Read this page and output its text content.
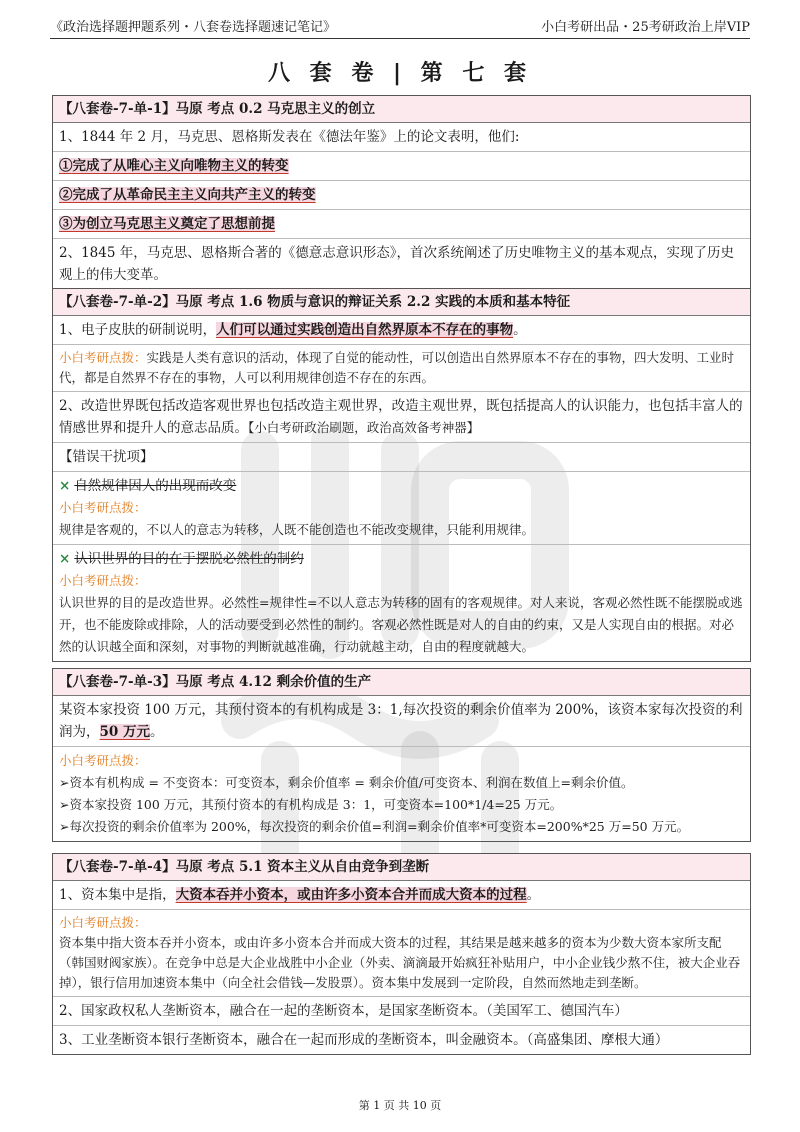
《政治选择题押题系列・八套卷选择题速记笔记》	小白考研出品・25考研政治上岸VIP
八 套 卷 | 第 七 套
【八套卷-7-单-1】马原 考点 0.2 马克思主义的创立
1、1844 年 2 月，马克思、恩格斯发表在《德法年鉴》上的论文表明，他们:
①完成了从唯心主义向唯物主义的转变
②完成了从革命民主主义向共产主义的转变
③为创立马克思主义奠定了思想前提
2、1845 年，马克思、恩格斯合著的《德意志意识形态》，首次系统阐述了历史唯物主义的基本观点，实现了历史观上的伟大变革。
【八套卷-7-单-2】马原 考点 1.6 物质与意识的辩证关系 2.2 实践的本质和基本特征
1、电子皮肤的研制说明，人们可以通过实践创造出自然界原本不存在的事物。
小白考研点拨：实践是人类有意识的活动，体现了自觉的能动性，可以创造出自然界原本不存在的事物，四大发明、工业时代，都是自然界不存在的事物，人可以利用规律创造不存在的东西。
2、改造世界既包括改造客观世界也包括改造主观世界，改造主观世界，既包括提高人的认识能力，也包括丰富人的情感世界和提升人的意志品质。【小白考研政治刷题，政治高效备考神器】
【错误干扰项】
× 自然规律因人的出现而改变
小白考研点拨：
规律是客观的，不以人的意志为转移，人既不能创造也不能改变规律，只能利用规律。
× 认识世界的目的在于摆脱必然性的制约
小白考研点拨：
认识世界的目的是改造世界。必然性=规律性=不以人意志为转移的固有的客观规律。对人来说，客观必然性既不能摆脱或逃开，也不能废除或排除，人的活动要受到必然性的制约。客观必然性既是对人的自由的约束，又是人实现自由的根据。对必然的认识越全面和深刻，对事物的判断就越准确，行动就越主动，自由的程度就越大。
【八套卷-7-单-3】马原 考点 4.12 剩余价值的生产
某资本家投资 100 万元，其预付资本的有机构成是 3：1,每次投资的剩余价值率为 200%，该资本家每次投资的利润为，50 万元。
小白考研点拨：
➢资本有机构成 = 不变资本：可变资本，剩余价值率 = 剩余价值/可变资本、利润在数值上=剩余价值。
➢资本家投资 100 万元，其预付资本的有机构成是 3：1，可变资本=100*1/4=25 万元。
➢每次投资的剩余价值率为 200%，每次投资的剩余价值=利润=剩余价值率*可变资本=200%*25 万=50 万元。
【八套卷-7-单-4】马原 考点 5.1 资本主义从自由竞争到垄断
1、资本集中是指，大资本吞并小资本，或由许多小资本合并而成大资本的过程。
小白考研点拨：
资本集中指大资本吞并小资本，或由许多小资本合并而成大资本的过程，其结果是越来越多的资本为少数大资本家所支配（韩国财阀家族）。在竞争中总是大企业战胜中小企业（外卖、滴滴最开始疯狂补贴用户，中小企业钱少熬不住，被大企业吞掉），银行信用加速资本集中（向全社会借钱—发股票）。资本集中发展到一定阶段，自然而然地走到垄断。
2、国家政权私人垄断资本，融合在一起的垄断资本，是国家垄断资本。（美国军工、德国汽车）
3、工业垄断资本银行垄断资本，融合在一起而形成的垄断资本，叫金融资本。（高盛集团、摩根大通）
第 1 页 共 10 页
